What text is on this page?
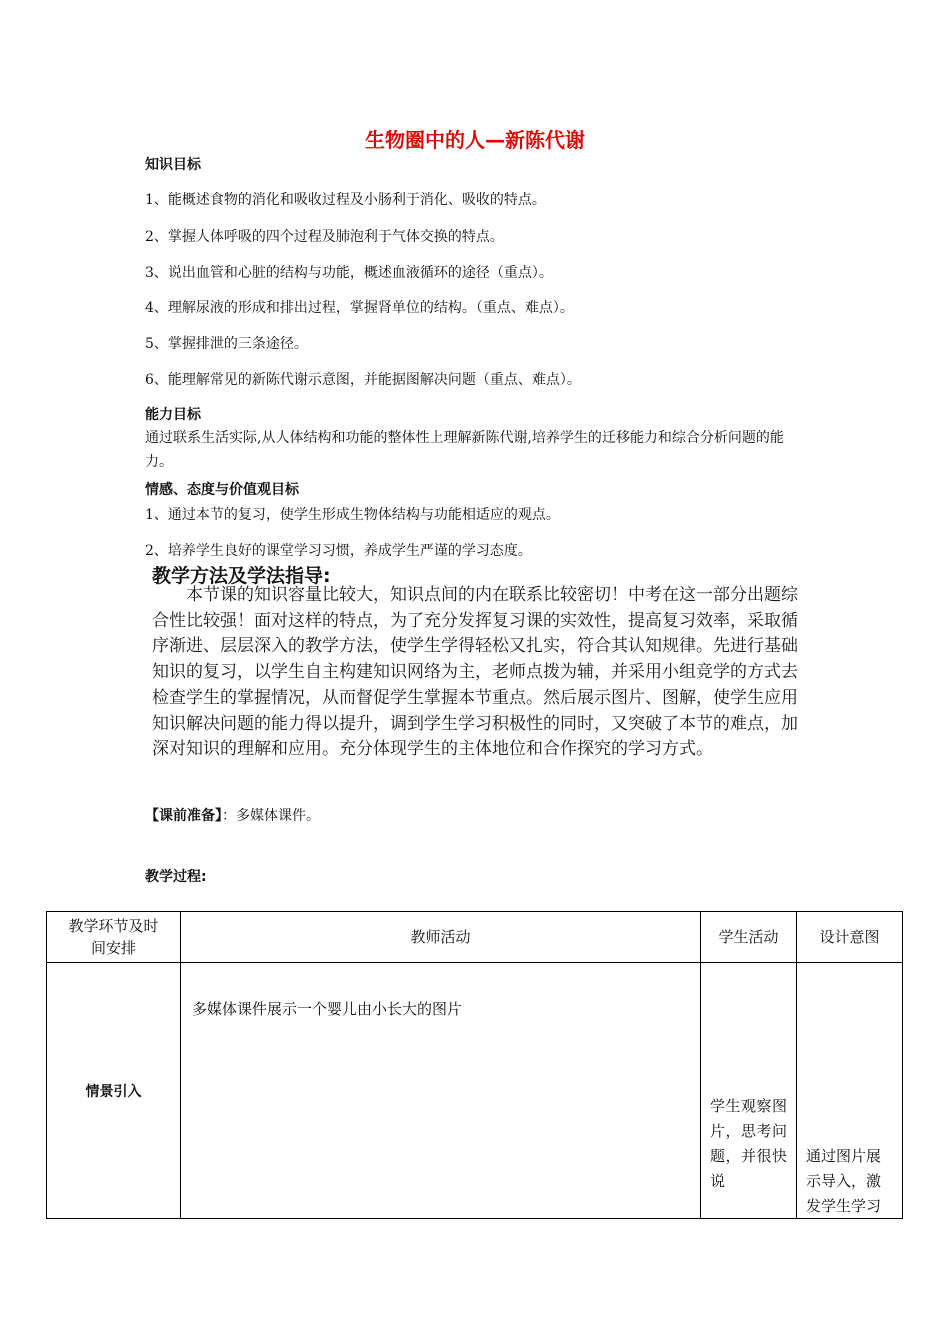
生物圈中的人—新陈代谢
知识目标
1、能概述食物的消化和吸收过程及小肠利于消化、吸收的特点。
2、掌握人体呼吸的四个过程及肺泡利于气体交换的特点。
3、说出血管和心脏的结构与功能，概述血液循环的途径（重点）。
4、理解尿液的形成和排出过程，掌握肾单位的结构。（重点、难点）。
5、掌握排泄的三条途径。
6、能理解常见的新陈代谢示意图，并能据图解决问题（重点、难点）。
能力目标
通过联系生活实际,从人体结构和功能的整体性上理解新陈代谢,培养学生的迁移能力和综合分析问题的能力。
情感、态度与价值观目标
1、通过本节的复习，使学生形成生物体结构与功能相适应的观点。
2、培养学生良好的课堂学习习惯，养成学生严谨的学习态度。
教学方法及学法指导:
本节课的知识容量比较大，知识点间的内在联系比较密切！中考在这一部分出题综合性比较强！面对这样的特点，为了充分发挥复习课的实效性，提高复习效率，采取循序渐进、层层深入的教学方法，使学生学得轻松又扎实，符合其认知规律。先进行基础知识的复习，以学生自主构建知识网络为主，老师点拨为辅，并采用小组竞学的方式去检查学生的掌握情况，从而督促学生掌握本节重点。然后展示图片、图解，使学生应用知识解决问题的能力得以提升，调到学生学习积极性的同时，又突破了本节的难点，加深对知识的理解和应用。充分体现学生的主体地位和合作探究的学习方式。
【课前准备】：多媒体课件。
教学过程:
教学环节及时间安排	教师活动	学生活动	设计意图
情景引入	多媒体课件展示一个婴儿由小长大的图片	学生观察图片，思考问题，并很快说	通过图片展示导入，激发学生学习
